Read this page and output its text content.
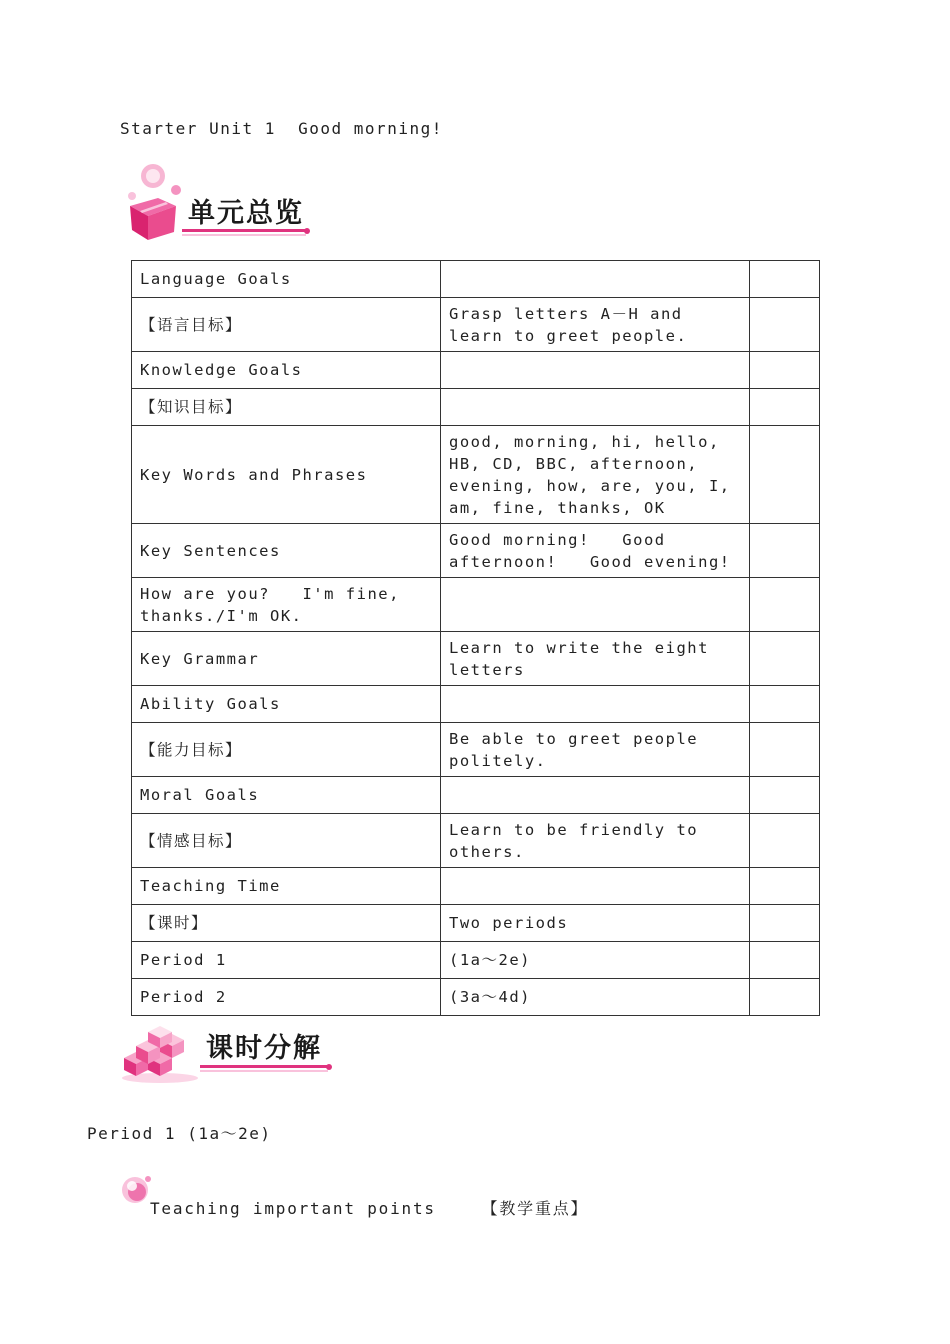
Starter Unit 1  Good morning!
单元总览
Language Goals		
【语言目标】	Grasp letters A－H and learn to greet people.	
Knowledge Goals		
【知识目标】		
Key Words and Phrases	good, morning, hi, hello, HB, CD, BBC, afternoon, evening, how, are, you, I, am, fine, thanks, OK	
Key Sentences	Good morning!   Good afternoon!   Good evening!	
How are you?   I'm fine, thanks./I'm OK.		
Key Grammar	Learn to write the eight letters	
Ability Goals		
【能力目标】	Be able to greet people politely.	
Moral Goals		
【情感目标】	Learn to be friendly to others.	
Teaching Time		
【课时】	Two periods	
Period 1	(1a～2e)	
Period 2	(3a～4d)	
课时分解
Period 1 (1a～2e)
Teaching important points    【教学重点】
